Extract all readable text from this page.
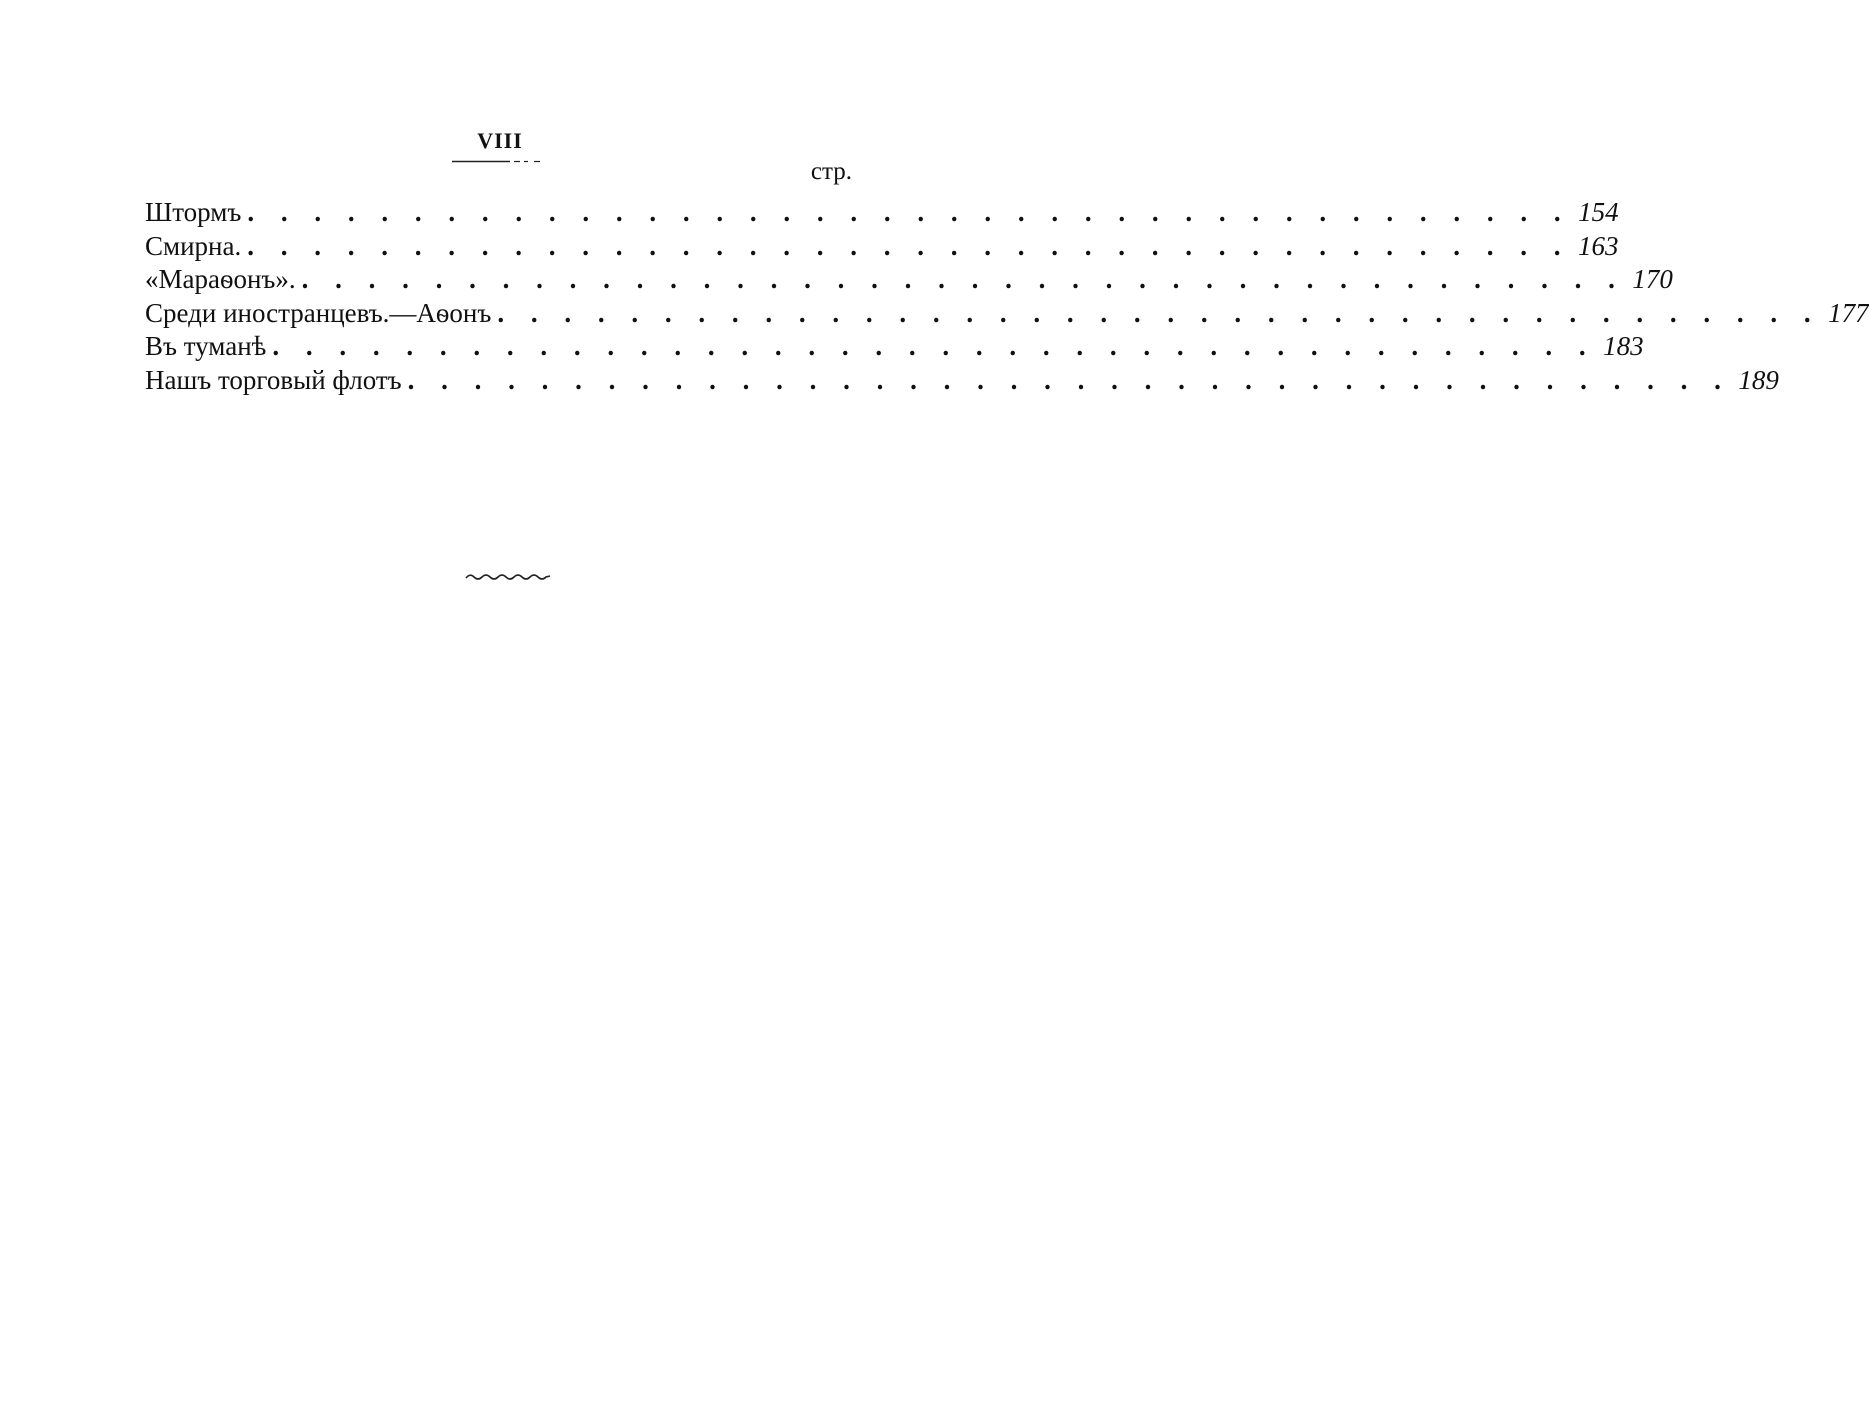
VIII
стр.
Штормъ . . . . . . . . . . . . . . . . . . . . . . . . . . . . . . . . . . . . . . . . 154
Смирна. . . . . . . . . . . . . . . . . . . . . . . . . . . . . . . . . . . . . . . . . 163
«Мараѳонъ». . . . . . . . . . . . . . . . . . . . . . . . . . . . . . . . . . . . . . . . . 170
Среди иностранцевъ.—Аѳонъ . . . . . . . . . . . . . . . . . . . . . . . . . . . . . . . . . . . . . . . . 177
Въ туманѣ . . . . . . . . . . . . . . . . . . . . . . . . . . . . . . . . . . . . . . . . 183
Нашъ торговый флотъ . . . . . . . . . . . . . . . . . . . . . . . . . . . . . . . . . . . . . . . . 189
